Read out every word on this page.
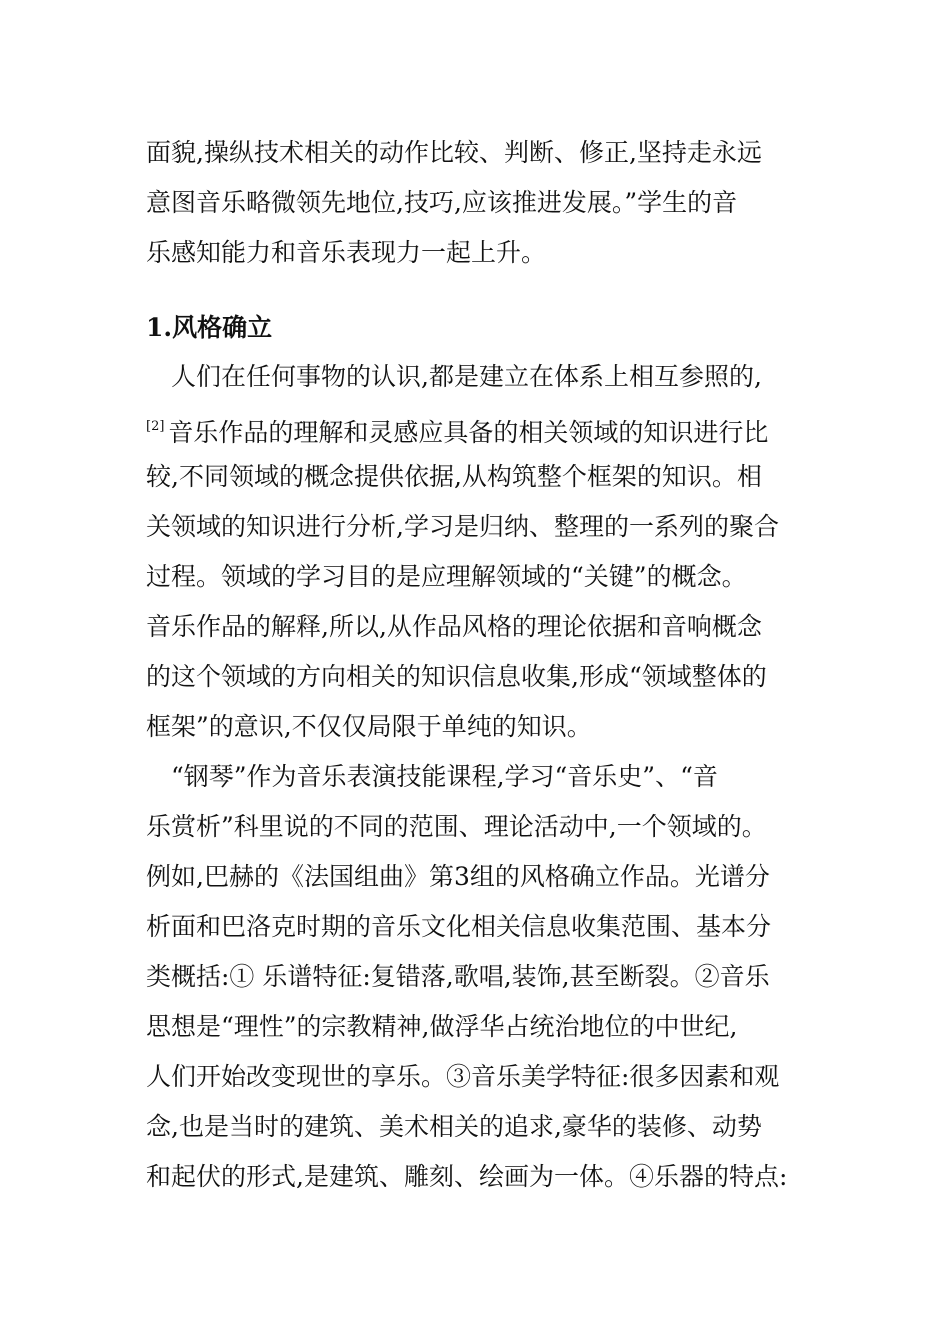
面貌,操纵技术相关的动作比较、判断、修正,坚持走永远
意图音乐略微领先地位,技巧,应该推进发展。”学生的音
乐感知能力和音乐表现力一起上升。
1.风格确立
人们在任何事物的认识,都是建立在体系上相互参照的,
[2] 音乐作品的理解和灵感应具备的相关领域的知识进行比
较,不同领域的概念提供依据,从构筑整个框架的知识。相
关领域的知识进行分析,学习是归纳、整理的一系列的聚合
过程。领域的学习目的是应理解领域的“关键”的概念。
音乐作品的解释,所以,从作品风格的理论依据和音响概念
的这个领域的方向相关的知识信息收集,形成“领域整体的
框架”的意识,不仅仅局限于单纯的知识。
“钢琴”作为音乐表演技能课程,学习“音乐史”、“音
乐赏析”科里说的不同的范围、理论活动中,一个领域的。
例如,巴赫的《法国组曲》第3组的风格确立作品。光谱分
析面和巴洛克时期的音乐文化相关信息收集范围、基本分
类概括:① 乐谱特征:复错落,歌唱,装饰,甚至断裂。②音乐
思想是“理性”的宗教精神,做浮华占统治地位的中世纪,
人们开始改变现世的享乐。③音乐美学特征:很多因素和观
念,也是当时的建筑、美术相关的追求,豪华的装修、动势
和起伏的形式,是建筑、雕刻、绘画为一体。④乐器的特点:
